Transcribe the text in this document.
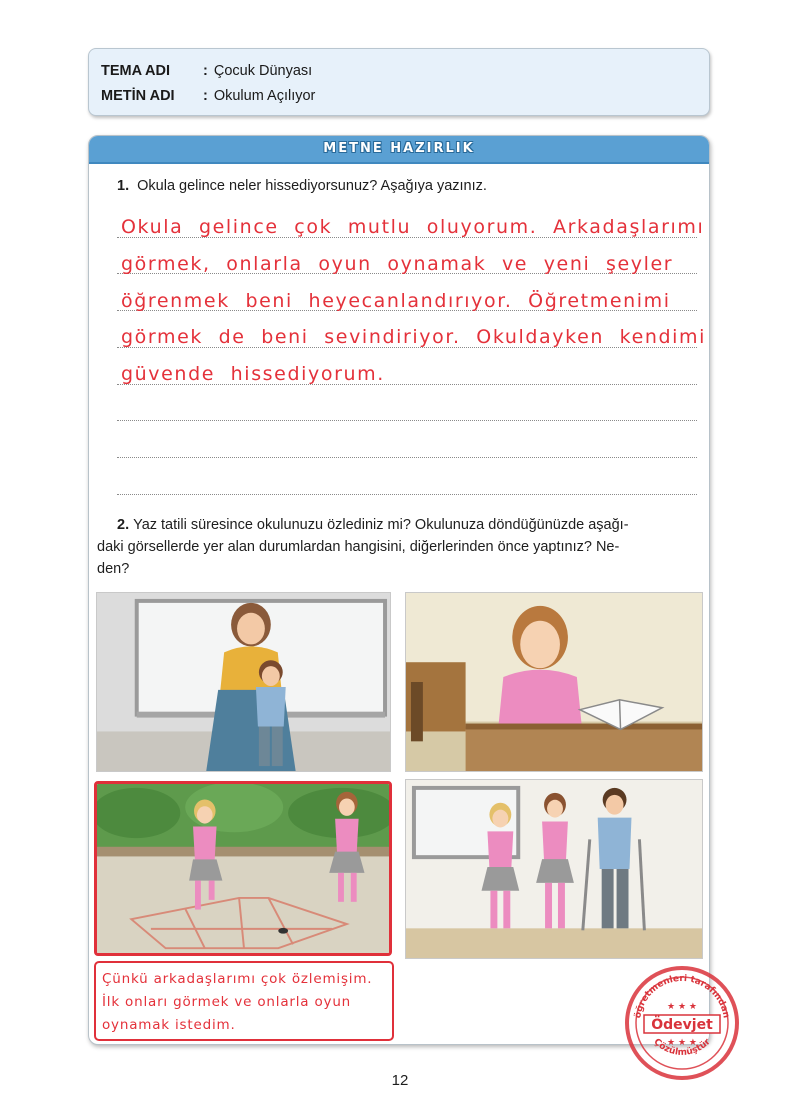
TEMA ADI	: Çocuk Dünyası
METİN ADI	: Okulum Açılıyor
METNE HAZIRLIK
1. Okula gelince neler hissediyorsunuz? Aşağıya yazınız.
Okula gelince çok mutlu oluyorum. Arkadaşlarımı
görmek, onlarla oyun oynamak ve yeni şeyler
öğrenmek beni heyecanlandırıyor. Öğretmenimi
görmek de beni sevindiriyor. Okuldayken kendimi
güvende hissediyorum.
2. Yaz tatili süresince okulunuzu özlediniz mi? Okulunuza döndüğünüzde aşağı-
daki görsellerde yer alan durumlardan hangisini, diğerlerinden önce yaptınız? Ne-
den?
Çünkü arkadaşlarımı çok özlemişim.
İlk onları görmek ve onlarla oyun
oynamak istedim.
öğretmenleri tarafından
★ ★ ★
Ödevjet
★ ★ ★
Çözülmüştür
12
